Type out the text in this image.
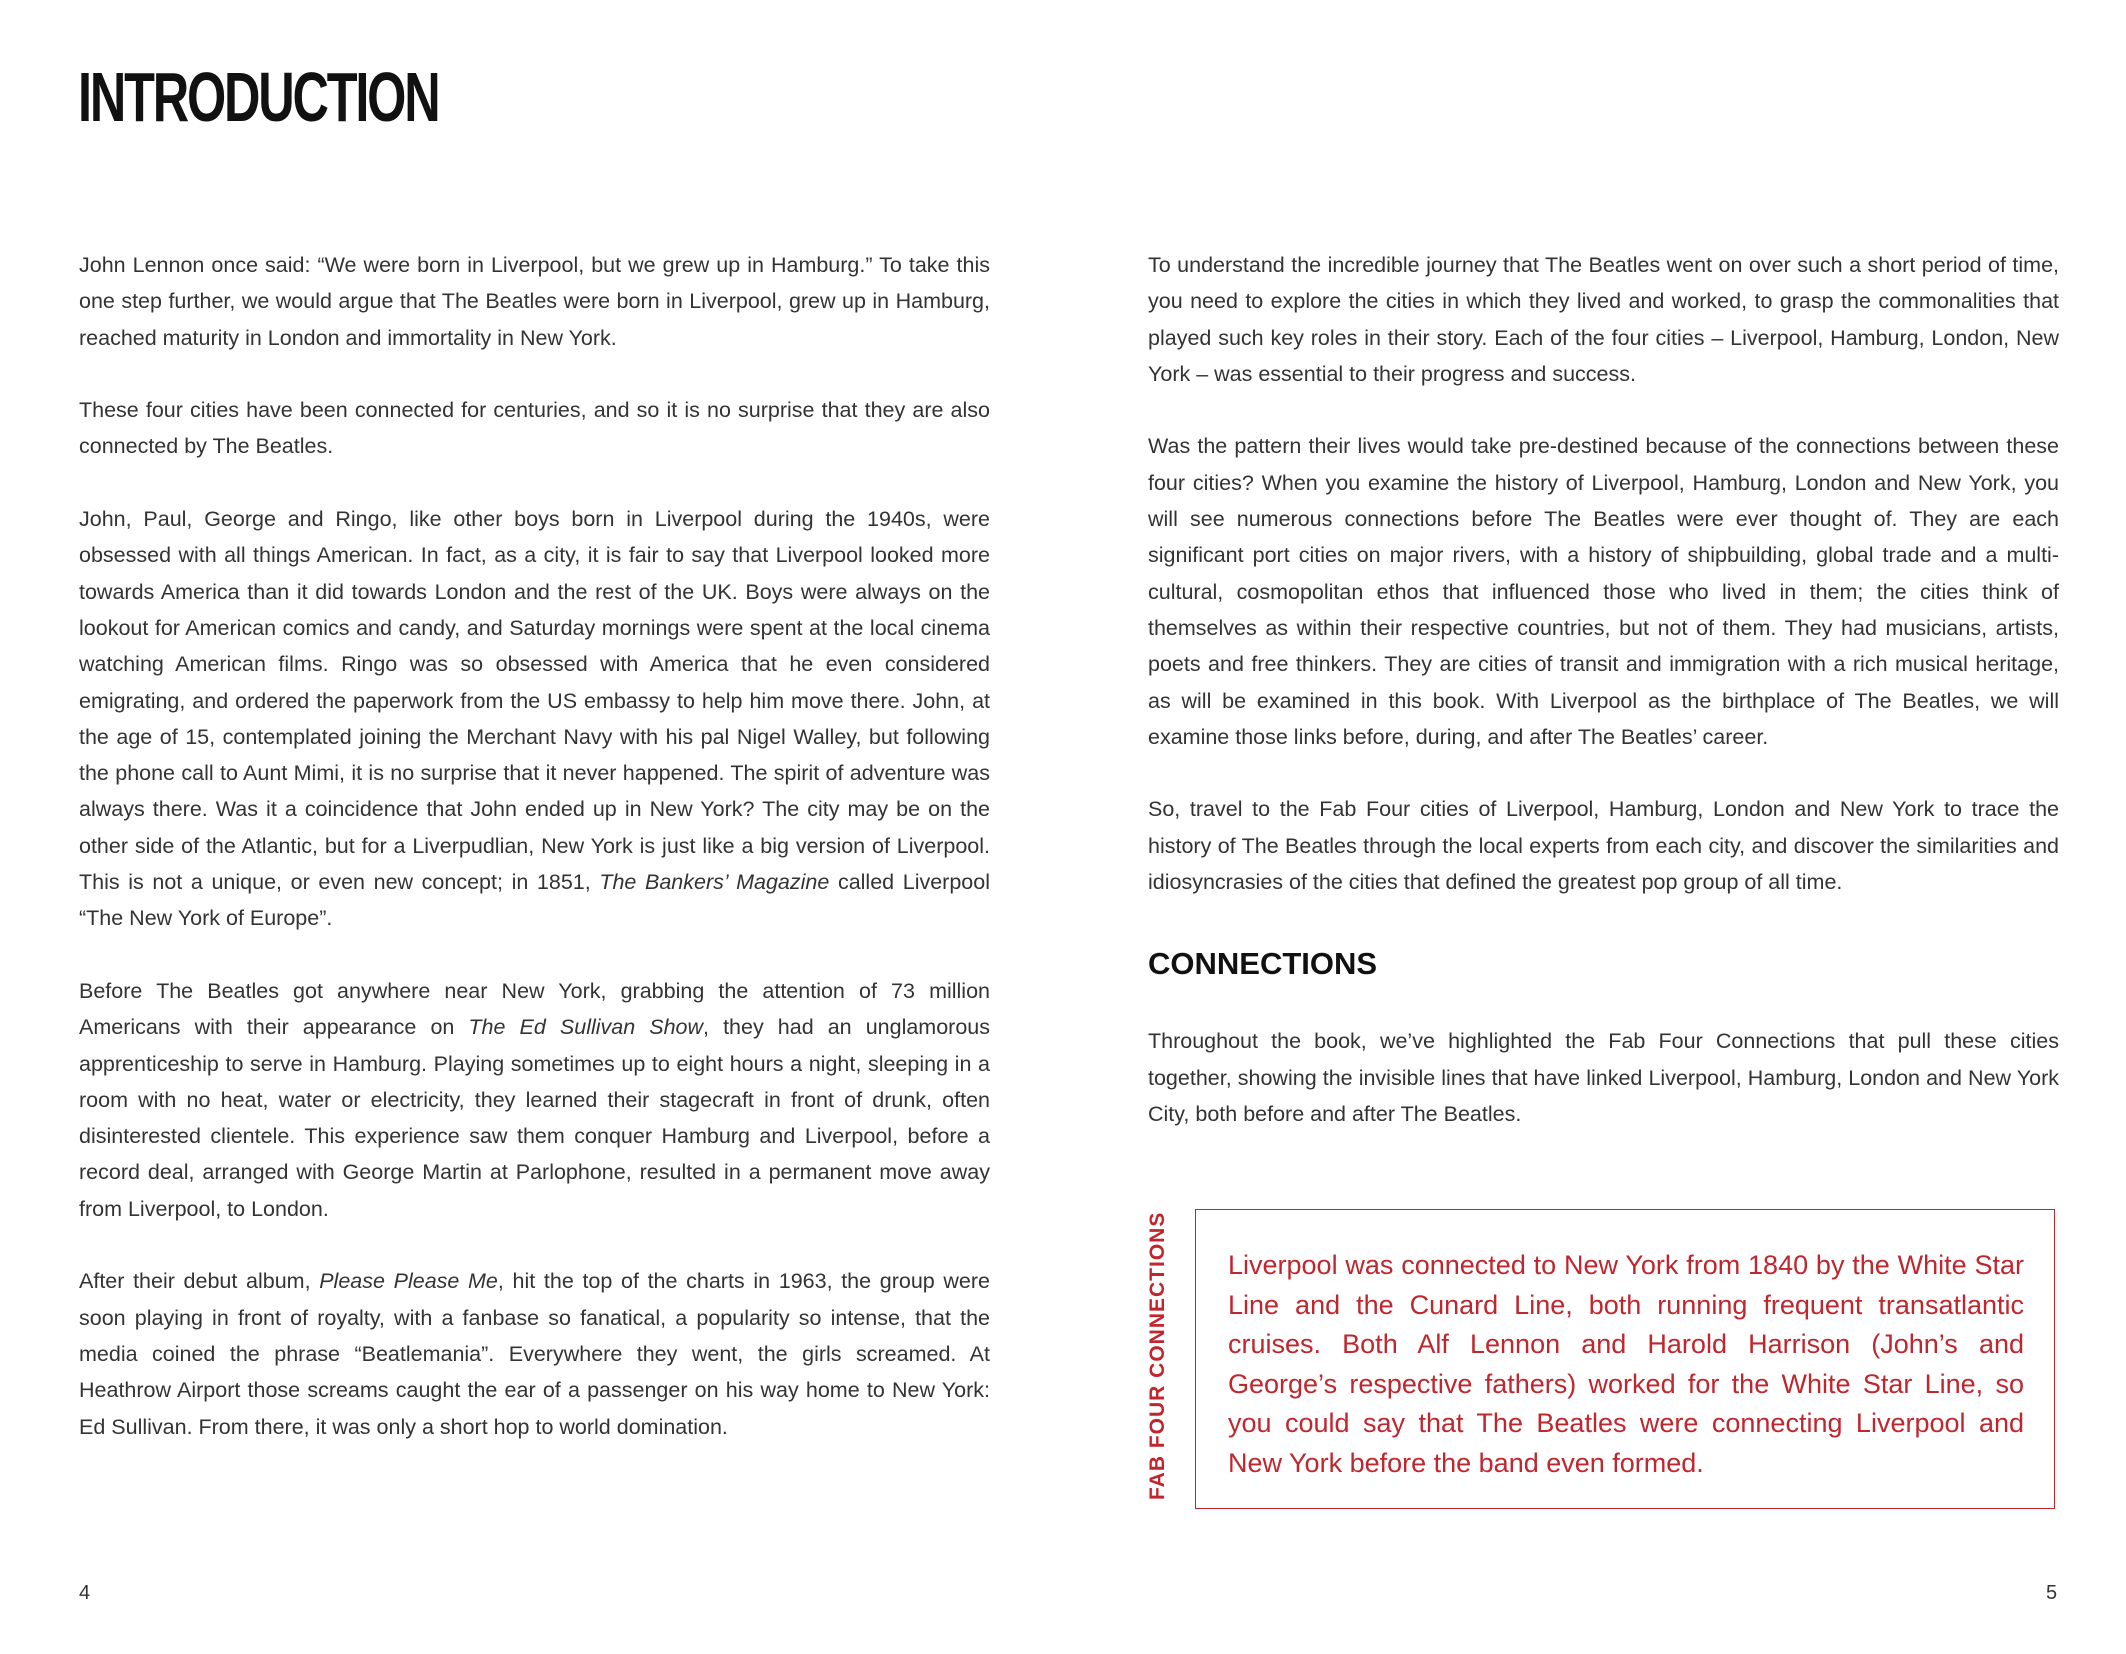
INTRODUCTION

John Lennon once said: “We were born in Liverpool, but we grew up in Hamburg.” To take this one step further, we would argue that The Beatles were born in Liverpool, grew up in Hamburg, reached maturity in London and immortality in New York.

These four cities have been connected for centuries, and so it is no surprise that they are also connected by The Beatles.

John, Paul, George and Ringo, like other boys born in Liverpool during the 1940s, were obsessed with all things American. In fact, as a city, it is fair to say that Liverpool looked more towards America than it did towards London and the rest of the UK. Boys were always on the lookout for American comics and candy, and Saturday mornings were spent at the local cinema watching American films. Ringo was so obsessed with America that he even considered emigrating, and ordered the paperwork from the US embassy to help him move there. John, at the age of 15, contemplated joining the Merchant Navy with his pal Nigel Walley, but following the phone call to Aunt Mimi, it is no surprise that it never happened. The spirit of adventure was always there. Was it a coincidence that John ended up in New York? The city may be on the other side of the Atlantic, but for a Liverpudlian, New York is just like a big version of Liverpool. This is not a unique, or even new concept; in 1851, The Bankers’ Magazine called Liverpool “The New York of Europe”.

Before The Beatles got anywhere near New York, grabbing the attention of 73 million Americans with their appearance on The Ed Sullivan Show, they had an unglamorous apprenticeship to serve in Hamburg. Playing sometimes up to eight hours a night, sleeping in a room with no heat, water or electricity, they learned their stagecraft in front of drunk, often disinterested clientele. This experience saw them conquer Hamburg and Liverpool, before a record deal, arranged with George Martin at Parlophone, resulted in a permanent move away from Liverpool, to London.

After their debut album, Please Please Me, hit the top of the charts in 1963, the group were soon playing in front of royalty, with a fanbase so fanatical, a popularity so intense, that the media coined the phrase “Beatlemania”. Everywhere they went, the girls screamed. At Heathrow Airport those screams caught the ear of a passenger on his way home to New York: Ed Sullivan. From there, it was only a short hop to world domination.

To understand the incredible journey that The Beatles went on over such a short period of time, you need to explore the cities in which they lived and worked, to grasp the commonalities that played such key roles in their story. Each of the four cities – Liverpool, Hamburg, London, New York – was essential to their progress and success.

Was the pattern their lives would take pre-destined because of the connections between these four cities? When you examine the history of Liverpool, Hamburg, London and New York, you will see numerous connections before The Beatles were ever thought of. They are each significant port cities on major rivers, with a history of shipbuilding, global trade and a multi-cultural, cosmopolitan ethos that influenced those who lived in them; the cities think of themselves as within their respective countries, but not of them. They had musicians, artists, poets and free thinkers. They are cities of transit and immigration with a rich musical heritage, as will be examined in this book. With Liverpool as the birthplace of The Beatles, we will examine those links before, during, and after The Beatles’ career.

So, travel to the Fab Four cities of Liverpool, Hamburg, London and New York to trace the history of The Beatles through the local experts from each city, and discover the similarities and idiosyncrasies of the cities that defined the greatest pop group of all time.

CONNECTIONS

Throughout the book, we’ve highlighted the Fab Four Connections that pull these cities together, showing the invisible lines that have linked Liverpool, Hamburg, London and New York City, both before and after The Beatles.

FAB FOUR CONNECTIONS Liverpool was connected to New York from 1840 by the White Star Line and the Cunard Line, both running frequent transatlantic cruises. Both Alf Lennon and Harold Harrison (John’s and George’s respective fathers) worked for the White Star Line, so you could say that The Beatles were connecting Liverpool and New York before the band even formed.
4	5
